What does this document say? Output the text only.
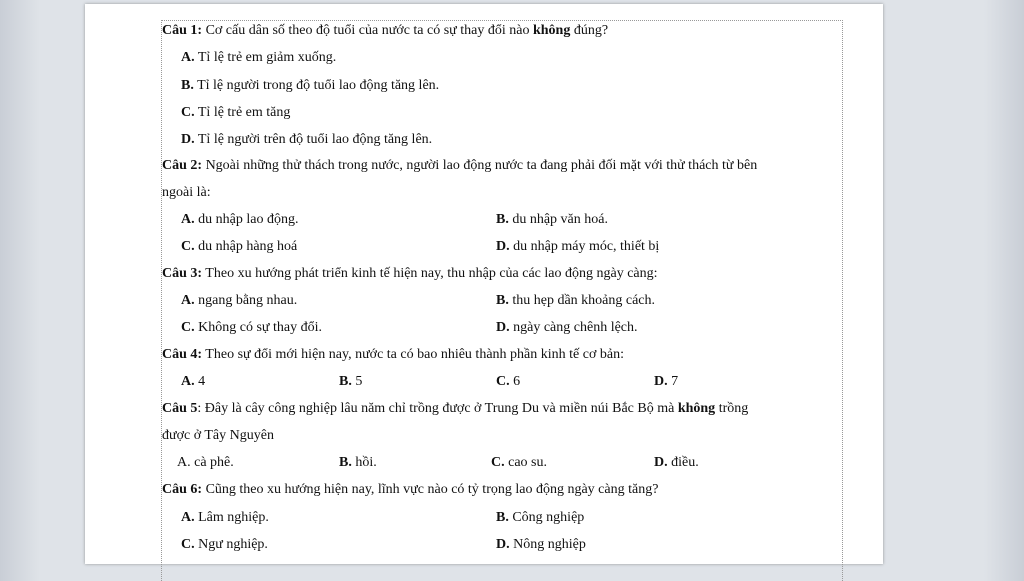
Câu 1: Cơ cấu dân số theo độ tuổi của nước ta có sự thay đổi nào không đúng?
A. Tỉ lệ trẻ em giảm xuống.
B. Tỉ lệ người trong độ tuổi lao động tăng lên.
C. Tỉ lệ trẻ em tăng
D. Tỉ lệ người trên độ tuổi lao động tăng lên.
Câu 2: Ngoài những thử thách trong nước, người lao động nước ta đang phải đối mặt với thử thách từ bên
ngoài là:
A. du nhập lao động.	B. du nhập văn hoá.
C. du nhập hàng hoá	D. du nhập máy móc, thiết bị
Câu 3: Theo xu hướng phát triển kinh tế hiện nay, thu nhập của các lao động ngày càng:
A. ngang bằng nhau.	B. thu hẹp dần khoảng cách.
C. Không có sự thay đổi.	D. ngày càng chênh lệch.
Câu 4: Theo sự đổi mới hiện nay, nước ta có bao nhiêu thành phần kinh tế cơ bản:
A. 4	B. 5	C. 6	D. 7
Câu 5: Đây là cây công nghiệp lâu năm chỉ trồng được ở Trung Du và miền núi Bắc Bộ mà không trồng
được ở Tây Nguyên
A. cà phê.	B. hồi.	C. cao su.	D. điều.
Câu 6: Cũng theo xu hướng hiện nay, lĩnh vực nào có tỷ trọng lao động ngày càng tăng?
A. Lâm nghiệp.	B. Công nghiệp
C. Ngư nghiệp.	D. Nông nghiệp
